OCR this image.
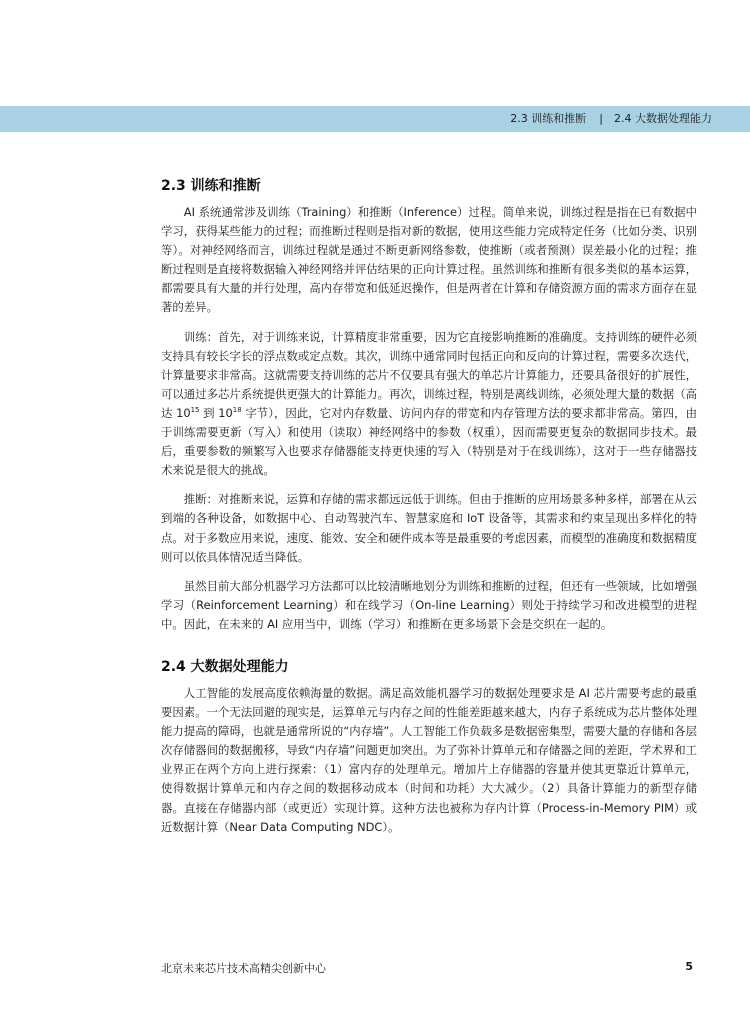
2.3 训练和推断 | 2.4 大数据处理能力
2.3 训练和推断

AI 系统通常涉及训练（Training）和推断（Inference）过程。简单来说，训练过程是指在已有数据中学习，获得某些能力的过程；而推断过程则是指对新的数据，使用这些能力完成特定任务（比如分类、识别等）。对神经网络而言，训练过程就是通过不断更新网络参数，使推断（或者预测）误差最小化的过程；推断过程则是直接将数据输入神经网络并评估结果的正向计算过程。虽然训练和推断有很多类似的基本运算，都需要具有大量的并行处理，高内存带宽和低延迟操作，但是两者在计算和存储资源方面的需求方面存在显著的差异。

训练：首先，对于训练来说，计算精度非常重要，因为它直接影响推断的准确度。支持训练的硬件必须支持具有较长字长的浮点数或定点数。其次，训练中通常同时包括正向和反向的计算过程，需要多次迭代，计算量要求非常高。这就需要支持训练的芯片不仅要具有强大的单芯片计算能力，还要具备很好的扩展性，可以通过多芯片系统提供更强大的计算能力。再次，训练过程，特别是离线训练，必须处理大量的数据（高达 $10^{15}$ 到 $10^{18}$ 字节），因此，它对内存数量、访问内存的带宽和内存管理方法的要求都非常高。第四，由于训练需要更新（写入）和使用（读取）神经网络中的参数（权重），因而需要更复杂的数据同步技术。最后，重要参数的频繁写入也要求存储器能支持更快速的写入（特别是对于在线训练），这对于一些存储器技术来说是很大的挑战。

推断：对推断来说，运算和存储的需求都远远低于训练。但由于推断的应用场景多种多样，部署在从云到端的各种设备，如数据中心、自动驾驶汽车、智慧家庭和 IoT 设备等，其需求和约束呈现出多样化的特点。对于多数应用来说，速度、能效、安全和硬件成本等是最重要的考虑因素，而模型的准确度和数据精度则可以依具体情况适当降低。

虽然目前大部分机器学习方法都可以比较清晰地划分为训练和推断的过程，但还有一些领域，比如增强学习（Reinforcement Learning）和在线学习（On-line Learning）则处于持续学习和改进模型的进程中。因此，在未来的 AI 应用当中，训练（学习）和推断在更多场景下会是交织在一起的。

2.4 大数据处理能力

人工智能的发展高度依赖海量的数据。满足高效能机器学习的数据处理要求是 AI 芯片需要考虑的最重要因素。一个无法回避的现实是，运算单元与内存之间的性能差距越来越大，内存子系统成为芯片整体处理能力提高的障碍，也就是通常所说的“内存墙”。人工智能工作负载多是数据密集型，需要大量的存储和各层次存储器间的数据搬移，导致“内存墙”问题更加突出。为了弥补计算单元和存储器之间的差距，学术界和工业界正在两个方向上进行探索：（1）富内存的处理单元。增加片上存储器的容量并使其更靠近计算单元，使得数据计算单元和内存之间的数据移动成本（时间和功耗）大大减少。（2）具备计算能力的新型存储器。直接在存储器内部（或更近）实现计算。这种方法也被称为存内计算（Process-in-Memory PIM）或近数据计算（Near Data Computing NDC）。

北京未来芯片技术高精尖创新中心	5
